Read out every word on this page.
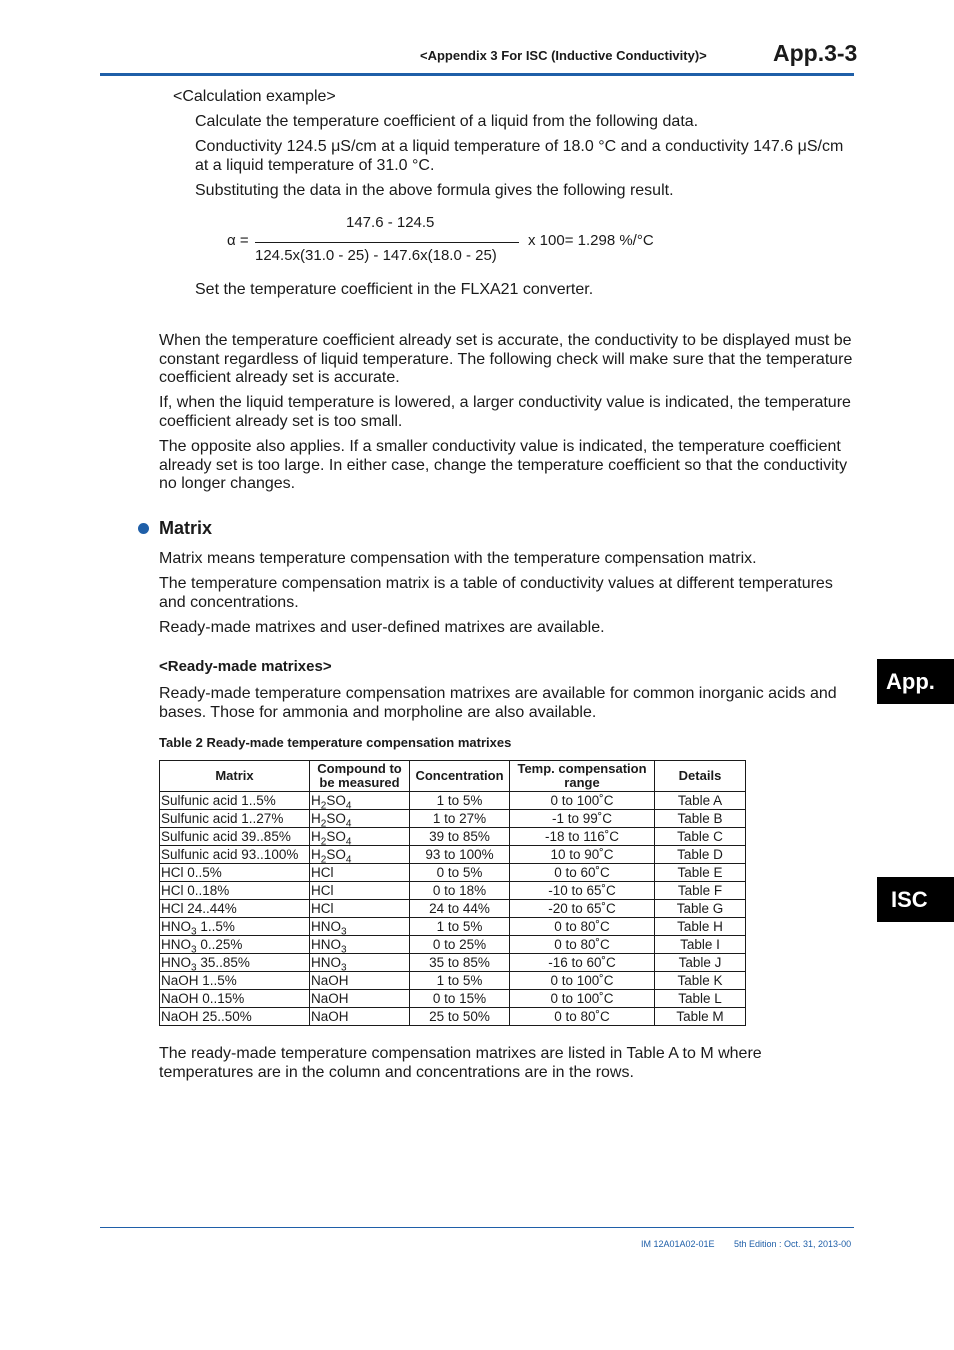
<Appendix 3 For ISC (Inductive Conductivity)>	App.3-3
App.
ISC

<Calculation example>

Calculate the temperature coefficient of a liquid from the following data.

Conductivity 124.5 μS/cm at a liquid temperature of 18.0 °C and a conductivity 147.6 μS/cm at a liquid temperature of 31.0 °C.

Substituting the data in the above formula gives the following result.

α =
147.6 - 124.5
124.5x(31.0 - 25) - 147.6x(18.0 - 25)
x 100= 1.298 %/°C

Set the temperature coefficient in the FLXA21 converter.

When the temperature coefficient already set is accurate, the conductivity to be displayed must be constant regardless of liquid temperature. The following check will make sure that the temperature coefficient already set is accurate.

If, when the liquid temperature is lowered, a larger conductivity value is indicated, the temperature coefficient already set is too small.

The opposite also applies. If a smaller conductivity value is indicated, the temperature coefficient already set is too large. In either case, change the temperature coefficient so that the conductivity no longer changes.

Matrix

Matrix means temperature compensation with the temperature compensation matrix.

The temperature compensation matrix is a table of conductivity values at different temperatures and concentrations.

Ready-made matrixes and user-defined matrixes are available.

<Ready-made matrixes>

Ready-made temperature compensation matrixes are available for common inorganic acids and bases. Those for ammonia and morpholine are also available.

Table 2 Ready-made temperature compensation matrixes
Matrix	Compound to be measured	Concentration	Temp. compensation range	Details
Sulfunic acid 1..5%	$H_2SO_4$	1 to 5%	0 to 100˚C	Table A
Sulfunic acid 1..27%	$H_2SO_4$	1 to 27%	-1 to 99˚C	Table B
Sulfunic acid 39..85%	$H_2SO_4$	39 to 85%	-18 to 116˚C	Table C
Sulfunic acid 93..100%	$H_2SO_4$	93 to 100%	10 to 90˚C	Table D
HCl 0..5%	HCl	0 to 5%	0 to 60˚C	Table E
HCl 0..18%	HCl	0 to 18%	-10 to 65˚C	Table F
HCl 24..44%	HCl	24 to 44%	-20 to 65˚C	Table G
$HNO_3$ 1..5%	$HNO_3$	1 to 5%	0 to 80˚C	Table H
$HNO_3$ 0..25%	$HNO_3$	0 to 25%	0 to 80˚C	Table I
$HNO_3$ 35..85%	$HNO_3$	35 to 85%	-16 to 60˚C	Table J
NaOH 1..5%	NaOH	1 to 5%	0 to 100˚C	Table K
NaOH 0..15%	NaOH	0 to 15%	0 to 100˚C	Table L
NaOH 25..50%	NaOH	25 to 50%	0 to 80˚C	Table M

The ready-made temperature compensation matrixes are listed in Table A to M where temperatures are in the column and concentrations are in the rows.

IM 12A01A02-01E 5th Edition : Oct. 31, 2013-00
